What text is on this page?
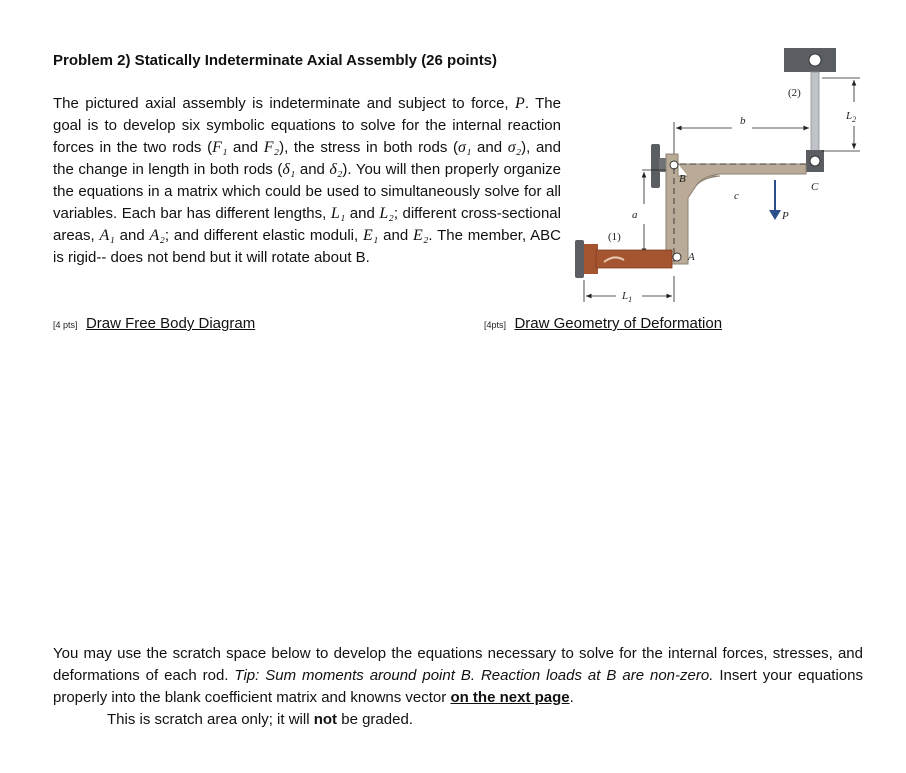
Problem 2) Statically Indeterminate Axial Assembly (26 points)
The pictured axial assembly is indeterminate and subject to force, P. The goal is to develop six symbolic equations to solve for the internal reaction forces in the two rods (F₁ and F₂), the stress in both rods (σ₁ and σ₂), and the change in length in both rods (δ₁ and δ₂). You will then properly organize the equations in a matrix which could be used to simultaneously solve for all variables. Each bar has different lengths, L₁ and L₂; different cross-sectional areas, A₁ and A₂; and different elastic moduli, E₁ and E₂. The member, ABC is rigid-- does not bend but it will rotate about B.
[4 pts] Draw Free Body Diagram	[4pts] Draw Geometry of Deformation
(2)
$L_2$
b
B
a
c
P
C
(1)
A
$L_1$
You may use the scratch space below to develop the equations necessary to solve for the internal forces, stresses, and deformations of each rod. Tip: Sum moments around point B. Reaction loads at B are non-zero. Insert your equations properly into the blank coefficient matrix and knowns vector on the next page.
This is scratch area only; it will not be graded.
